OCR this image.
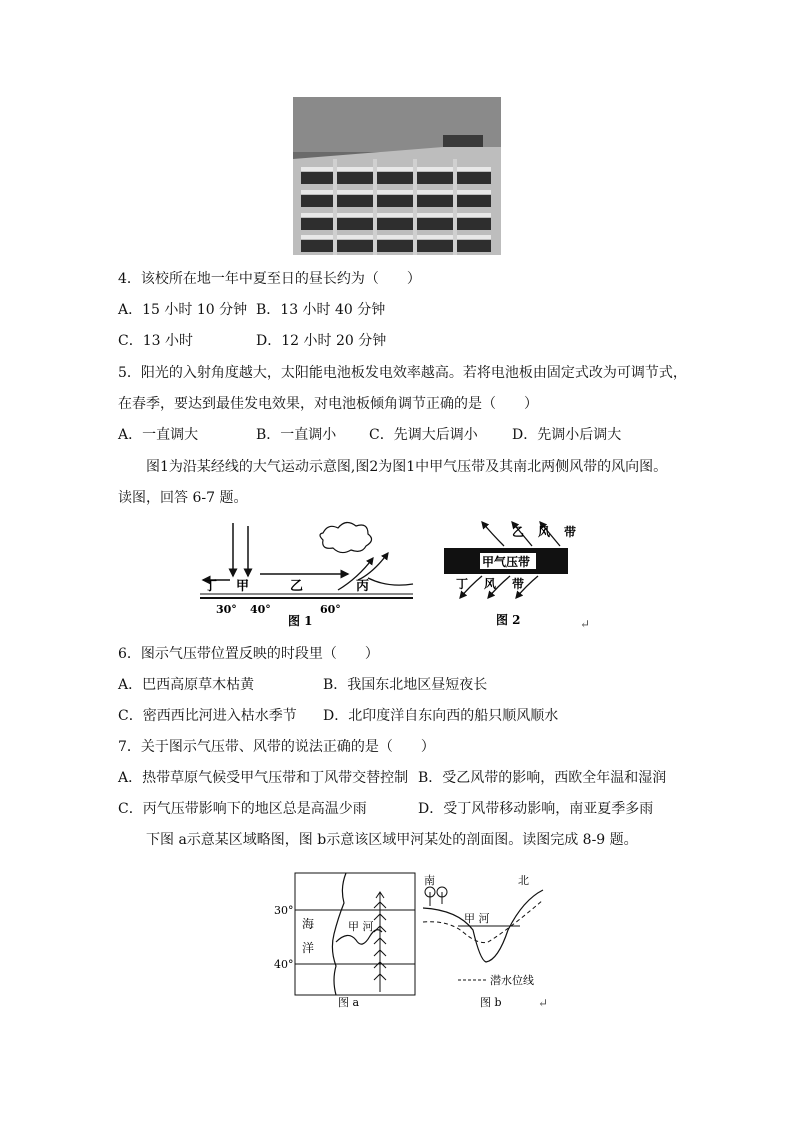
4．该校所在地一年中夏至日的昼长约为（　　）
A．15 小时 10 分钟 B．13 小时 40 分钟
C．13 小时	D．12 小时 20 分钟
5．阳光的入射角度越大，太阳能电池板发电效率越高。若将电池板由固定式改为可调节式，
在春季，要达到最佳发电效果，对电池板倾角调节正确的是（　　）
A．一直调大	B．一直调小 C．先调大后调小 D．先调小后调大
图1为沿某经线的大气运动示意图,图2为图1中甲气压带及其南北两侧风带的风向图。
读图，回答 6-7 题。
丁 甲	乙	丙
30° 40°	60°
图 1
乙 风 带
甲气压带
丁 风 带
图 2	↵
6．图示气压带位置反映的时段里（　　）
A．巴西高原草木枯黄	B．我国东北地区昼短夜长
C．密西西比河进入枯水季节 D．北印度洋自东向西的船只顺风顺水
7．关于图示气压带、风带的说法正确的是（　　）
A．热带草原气候受甲气压带和丁风带交替控制 B．受乙风带的影响，西欧全年温和湿润
C．丙气压带影响下的地区总是高温少雨	D．受丁风带移动影响，南亚夏季多雨
下图 a示意某区域略图，图 b示意该区域甲河某处的剖面图。读图完成 8-9 题。
30°
40°
海
洋
甲 河
图 a
南	北
甲 河
潜水位线
图 b	↵
